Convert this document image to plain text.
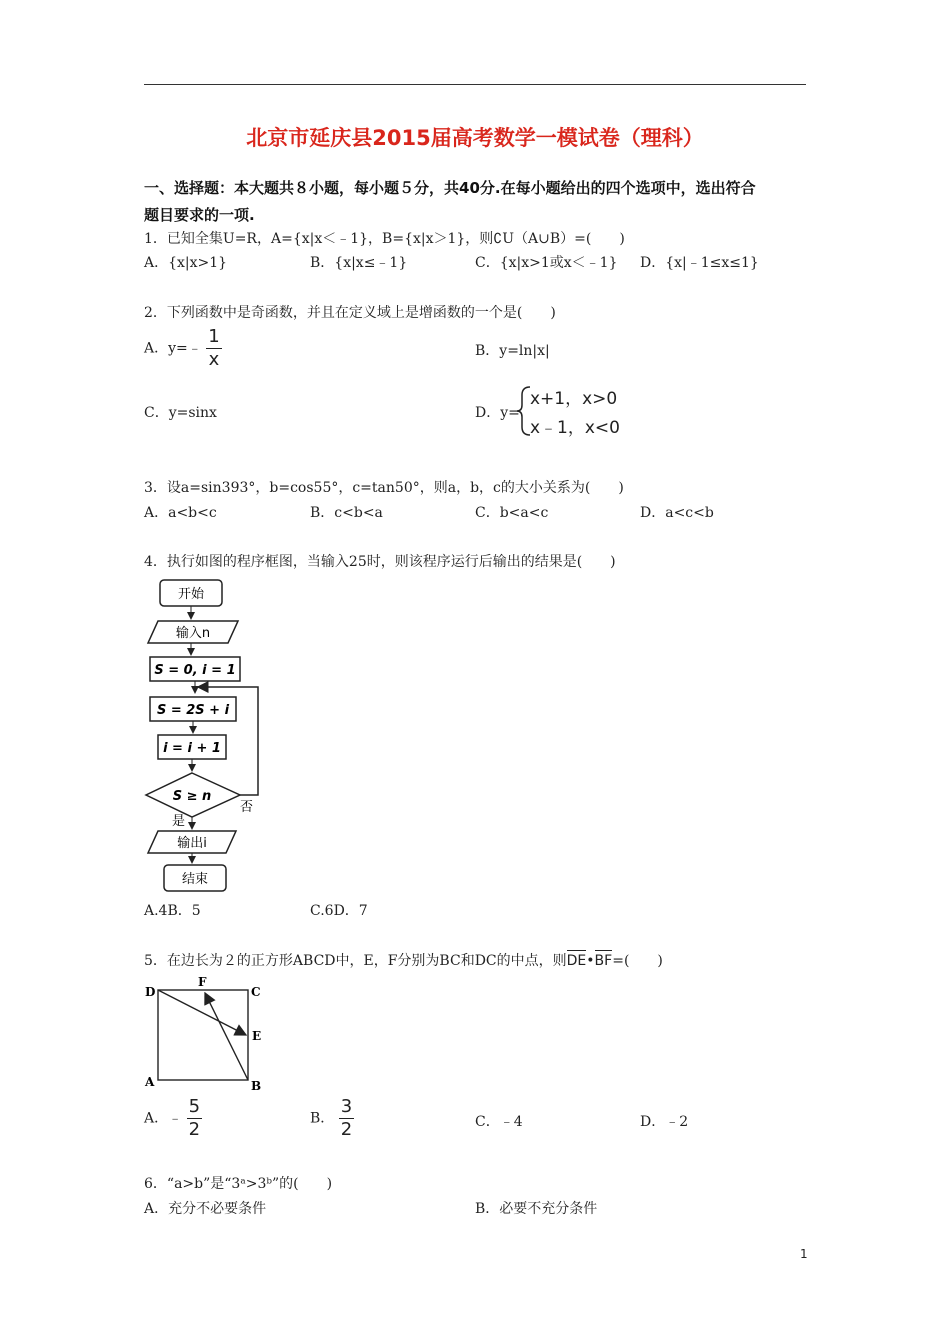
北京市延庆县2015届高考数学一模试卷（理科）
一、选择题：本大题共８小题，每小题５分，共40分.在每小题给出的四个选项中，选出符合
题目要求的一项.
1．已知全集U=R，A={x|x＜﹣1}，B={x|x＞1}，则∁U（A∪B）=(　　)
A．{x|x>1}	B．{x|x≤﹣1}	C．{x|x>1或x＜﹣1} D．{x|﹣1≤x≤1}
2．下列函数中是奇函数，并且在定义域上是增函数的一个是(　　)
A．y=﹣ $\frac{1}{x}$	B．y=ln|x|
C．y=sinx	D．y=
x+1，x>0
x﹣1，x<0
3．设a=sin393°，b=cos55°，c=tan50°，则a，b，c的大小关系为(　　)
A．a<b<c	B．c<b<a	C．b<a<c	D．a<c<b
4．执行如图的程序框图，当输入25时，则该程序运行后输出的结果是(　　)
开始
输入n
S = 0, i = 1
S = 2S + i
i = i + 1
S ≥ n
否
是
输出i
结束
A.4B．5	C.6D．7
5．在边长为２的正方形ABCD中，E，F分别为BC和DC的中点，则DE•BF=(　　)
D
F
C
E
A	B
A．﹣ $\frac{5}{2}$	B． $\frac{3}{2}$	C．﹣4	D．﹣2
6．“a>b”是“3ᵃ>3ᵇ”的(　　)
A．充分不必要条件	B．必要不充分条件
1
